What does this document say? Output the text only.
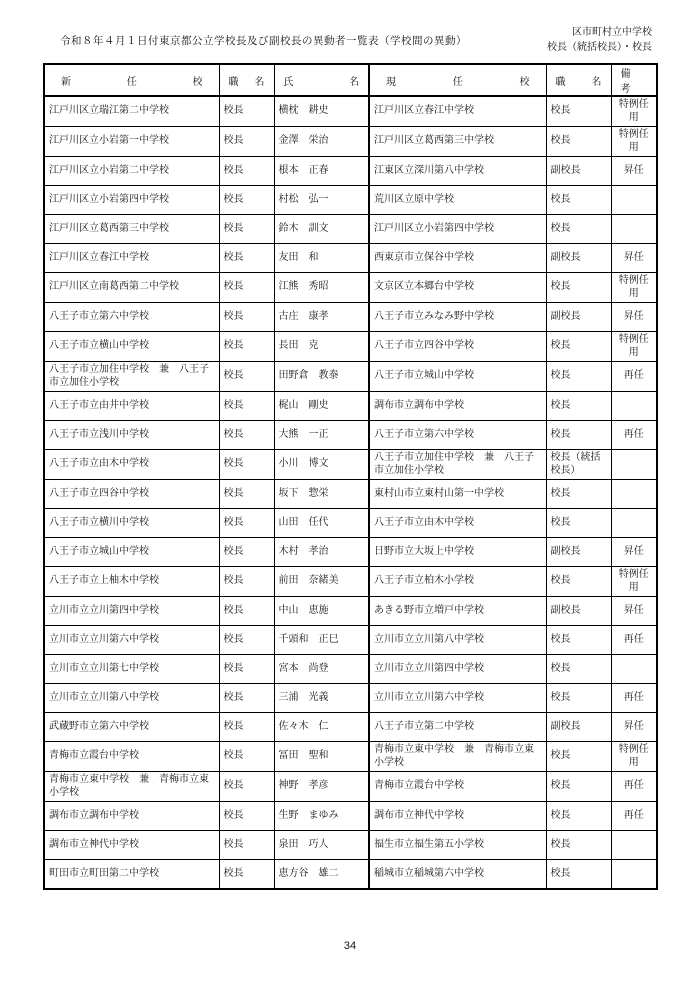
令和８年４月１日付東京都公立学校長及び副校長の異動者一覧表（学校間の異動）
区市町村立中学校
校長（統括校長）・校長
新　任　校	職　名	氏　名	現　任　校	職　名	備　考
江戸川区立瑞江第二中学校	校長	横枕　耕史	江戸川区立春江中学校	校長	特例任用
江戸川区立小岩第一中学校	校長	金澤　栄治	江戸川区立葛西第三中学校	校長	特例任用
江戸川区立小岩第二中学校	校長	根本　正春	江東区立深川第八中学校	副校長	昇任
江戸川区立小岩第四中学校	校長	村松　弘一	荒川区立原中学校	校長	
江戸川区立葛西第三中学校	校長	鈴木　訓文	江戸川区立小岩第四中学校	校長	
江戸川区立春江中学校	校長	友田　和	西東京市立保谷中学校	副校長	昇任
江戸川区立南葛西第二中学校	校長	江熊　秀昭	文京区立本郷台中学校	校長	特例任用
八王子市立第六中学校	校長	古庄　康孝	八王子市立みなみ野中学校	副校長	昇任
八王子市立横山中学校	校長	長田　克	八王子市立四谷中学校	校長	特例任用
八王子市立加住中学校　兼　八王子市立加住小学校	校長	田野倉　教泰	八王子市立城山中学校	校長	再任
八王子市立由井中学校	校長	梶山　剛史	調布市立調布中学校	校長	
八王子市立浅川中学校	校長	大熊　一正	八王子市立第六中学校	校長	再任
八王子市立由木中学校	校長	小川　博文	八王子市立加住中学校　兼　八王子市立加住小学校	校長（統括校長）	
八王子市立四谷中学校	校長	坂下　惣栄	東村山市立東村山第一中学校	校長	
八王子市立横川中学校	校長	山田　任代	八王子市立由木中学校	校長	
八王子市立城山中学校	校長	木村　孝治	日野市立大坂上中学校	副校長	昇任
八王子市立上柚木中学校	校長	前田　奈緒美	八王子市立柏木小学校	校長	特例任用
立川市立立川第四中学校	校長	中山　恵施	あきる野市立増戸中学校	副校長	昇任
立川市立立川第六中学校	校長	千頭和　正巳	立川市立立川第八中学校	校長	再任
立川市立立川第七中学校	校長	宮本　尚登	立川市立立川第四中学校	校長	
立川市立立川第八中学校	校長	三浦　光義	立川市立立川第六中学校	校長	再任
武蔵野市立第六中学校	校長	佐々木　仁	八王子市立第二中学校	副校長	昇任
青梅市立霞台中学校	校長	冨田　聖和	青梅市立東中学校　兼　青梅市立東小学校	校長	特例任用
青梅市立東中学校　兼　青梅市立東小学校	校長	神野　孝彦	青梅市立霞台中学校	校長	再任
調布市立調布中学校	校長	生野　まゆみ	調布市立神代中学校	校長	再任
調布市立神代中学校	校長	泉田　巧人	福生市立福生第五小学校	校長	
町田市立町田第二中学校	校長	恵方谷　雄二	稲城市立稲城第六中学校	校長	
34
